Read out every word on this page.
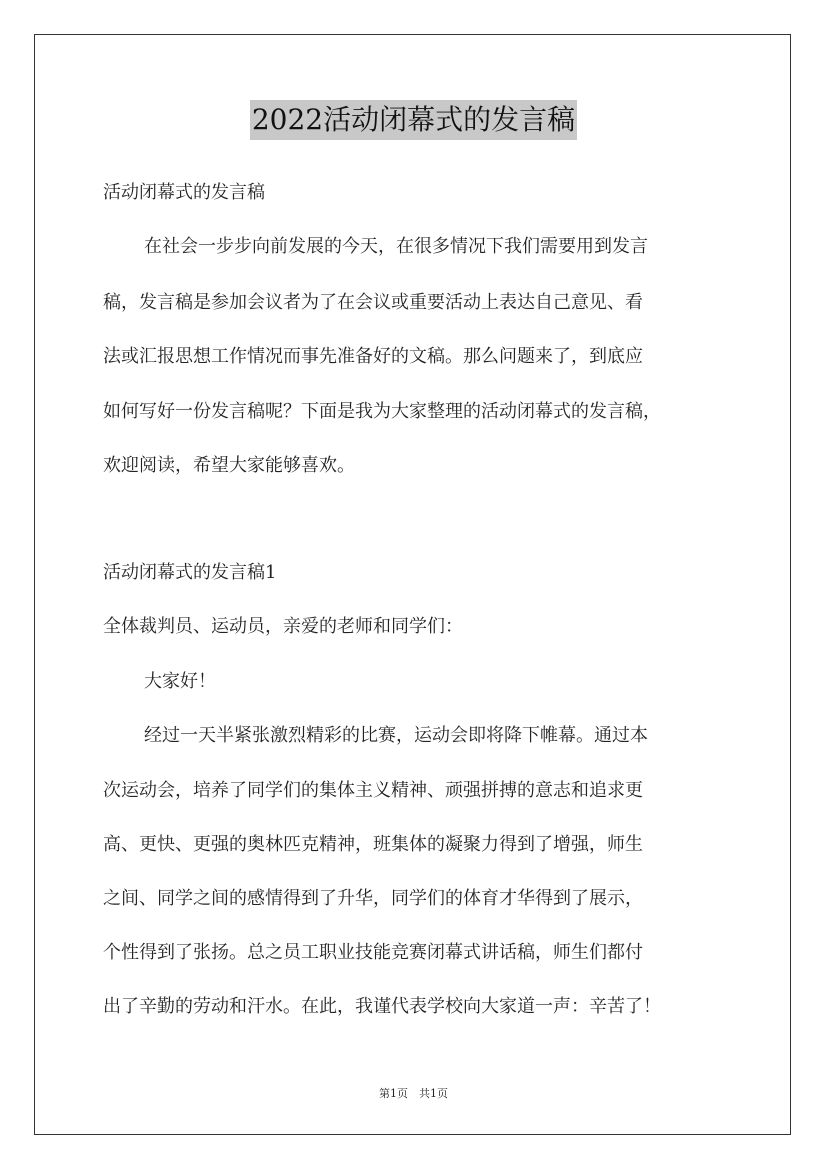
2022活动闭幕式的发言稿
活动闭幕式的发言稿
在社会一步步向前发展的今天，在很多情况下我们需要用到发言
稿，发言稿是参加会议者为了在会议或重要活动上表达自己意见、看
法或汇报思想工作情况而事先准备好的文稿。那么问题来了，到底应
如何写好一份发言稿呢？下面是我为大家整理的活动闭幕式的发言稿，
欢迎阅读，希望大家能够喜欢。
活动闭幕式的发言稿1
全体裁判员、运动员，亲爱的老师和同学们：
大家好！
经过一天半紧张激烈精彩的比赛，运动会即将降下帷幕。通过本
次运动会，培养了同学们的集体主义精神、顽强拼搏的意志和追求更
高、更快、更强的奥林匹克精神，班集体的凝聚力得到了增强，师生
之间、同学之间的感情得到了升华，同学们的体育才华得到了展示，
个性得到了张扬。总之员工职业技能竞赛闭幕式讲话稿，师生们都付
出了辛勤的劳动和汗水。在此，我谨代表学校向大家道一声：辛苦了！
第1页　共1页
